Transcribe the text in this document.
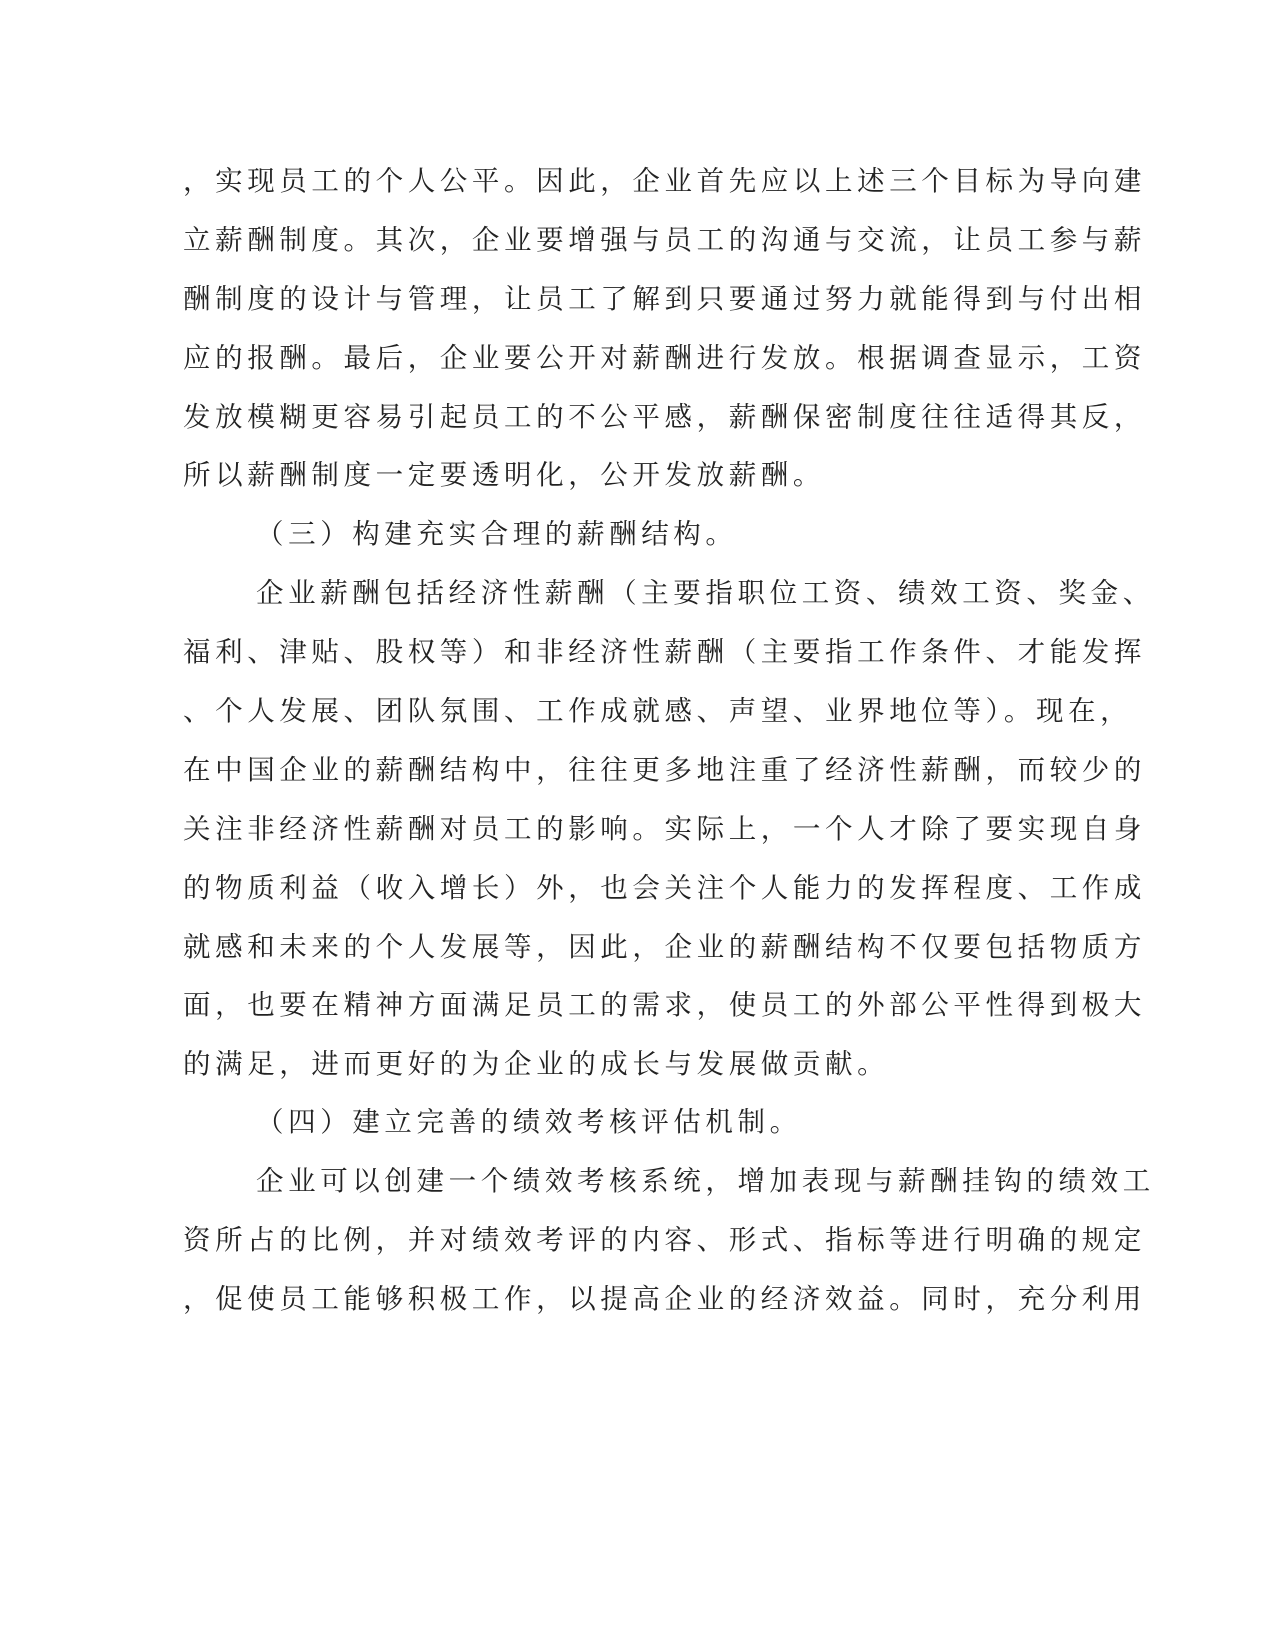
，实现员工的个人公平。因此，企业首先应以上述三个目标为导向建
立薪酬制度。其次，企业要增强与员工的沟通与交流，让员工参与薪
酬制度的设计与管理，让员工了解到只要通过努力就能得到与付出相
应的报酬。最后，企业要公开对薪酬进行发放。根据调查显示，工资
发放模糊更容易引起员工的不公平感，薪酬保密制度往往适得其反，
所以薪酬制度一定要透明化，公开发放薪酬。
（三）构建充实合理的薪酬结构。
企业薪酬包括经济性薪酬（主要指职位工资、绩效工资、奖金、
福利、津贴、股权等）和非经济性薪酬（主要指工作条件、才能发挥
、个人发展、团队氛围、工作成就感、声望、业界地位等）。现在，
在中国企业的薪酬结构中，往往更多地注重了经济性薪酬，而较少的
关注非经济性薪酬对员工的影响。实际上，一个人才除了要实现自身
的物质利益（收入增长）外，也会关注个人能力的发挥程度、工作成
就感和未来的个人发展等，因此，企业的薪酬结构不仅要包括物质方
面，也要在精神方面满足员工的需求，使员工的外部公平性得到极大
的满足，进而更好的为企业的成长与发展做贡献。
（四）建立完善的绩效考核评估机制。
企业可以创建一个绩效考核系统，增加表现与薪酬挂钩的绩效工
资所占的比例，并对绩效考评的内容、形式、指标等进行明确的规定
，促使员工能够积极工作，以提高企业的经济效益。同时，充分利用
